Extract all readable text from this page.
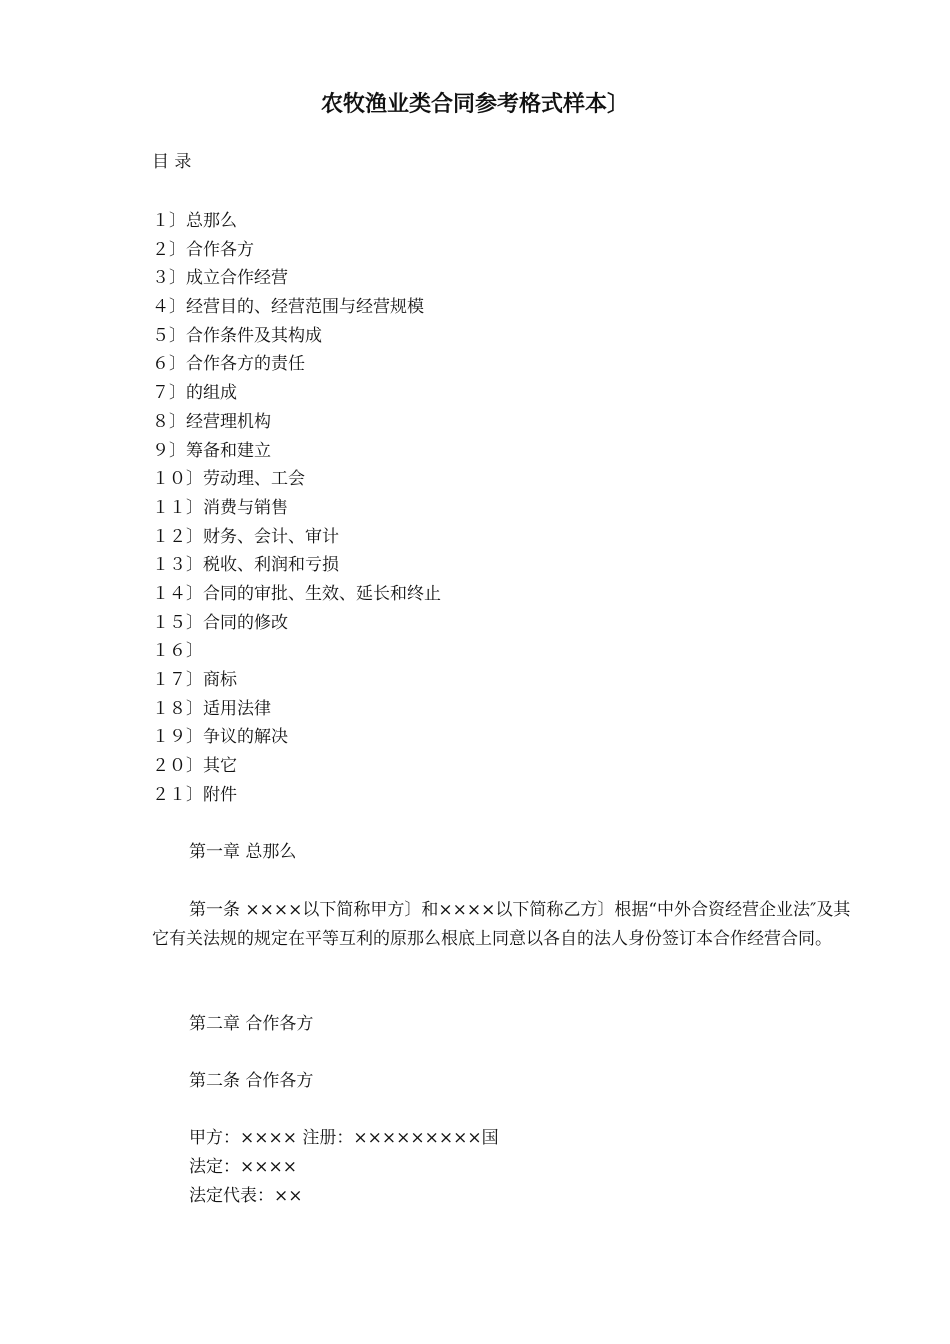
农牧渔业类合同参考格式样本〕
目 录
１〕总那么
２〕合作各方
３〕成立合作经营
４〕经营目的、经营范围与经营规模
５〕合作条件及其构成
６〕合作各方的责任
７〕的组成
８〕经营理机构
９〕筹备和建立
１０〕劳动理、工会
１１〕消费与销售
１２〕财务、会计、审计
１３〕税收、利润和亏损
１４〕合同的审批、生效、延长和终止
１５〕合同的修改
１６〕
１７〕商标
１８〕适用法律
１９〕争议的解决
２０〕其它
２１〕附件
第一章 总那么

第一条 ××××以下简称甲方〕和××××以下简称乙方〕根据“中外合资经营企业法″及其它有关法规的规定在平等互利的原那么根底上同意以各自的法人身份签订本合作经营合同。

第二章 合作各方
第二条 合作各方
甲方：×××× 注册：×××××××××国
法定：××××
法定代表：××
